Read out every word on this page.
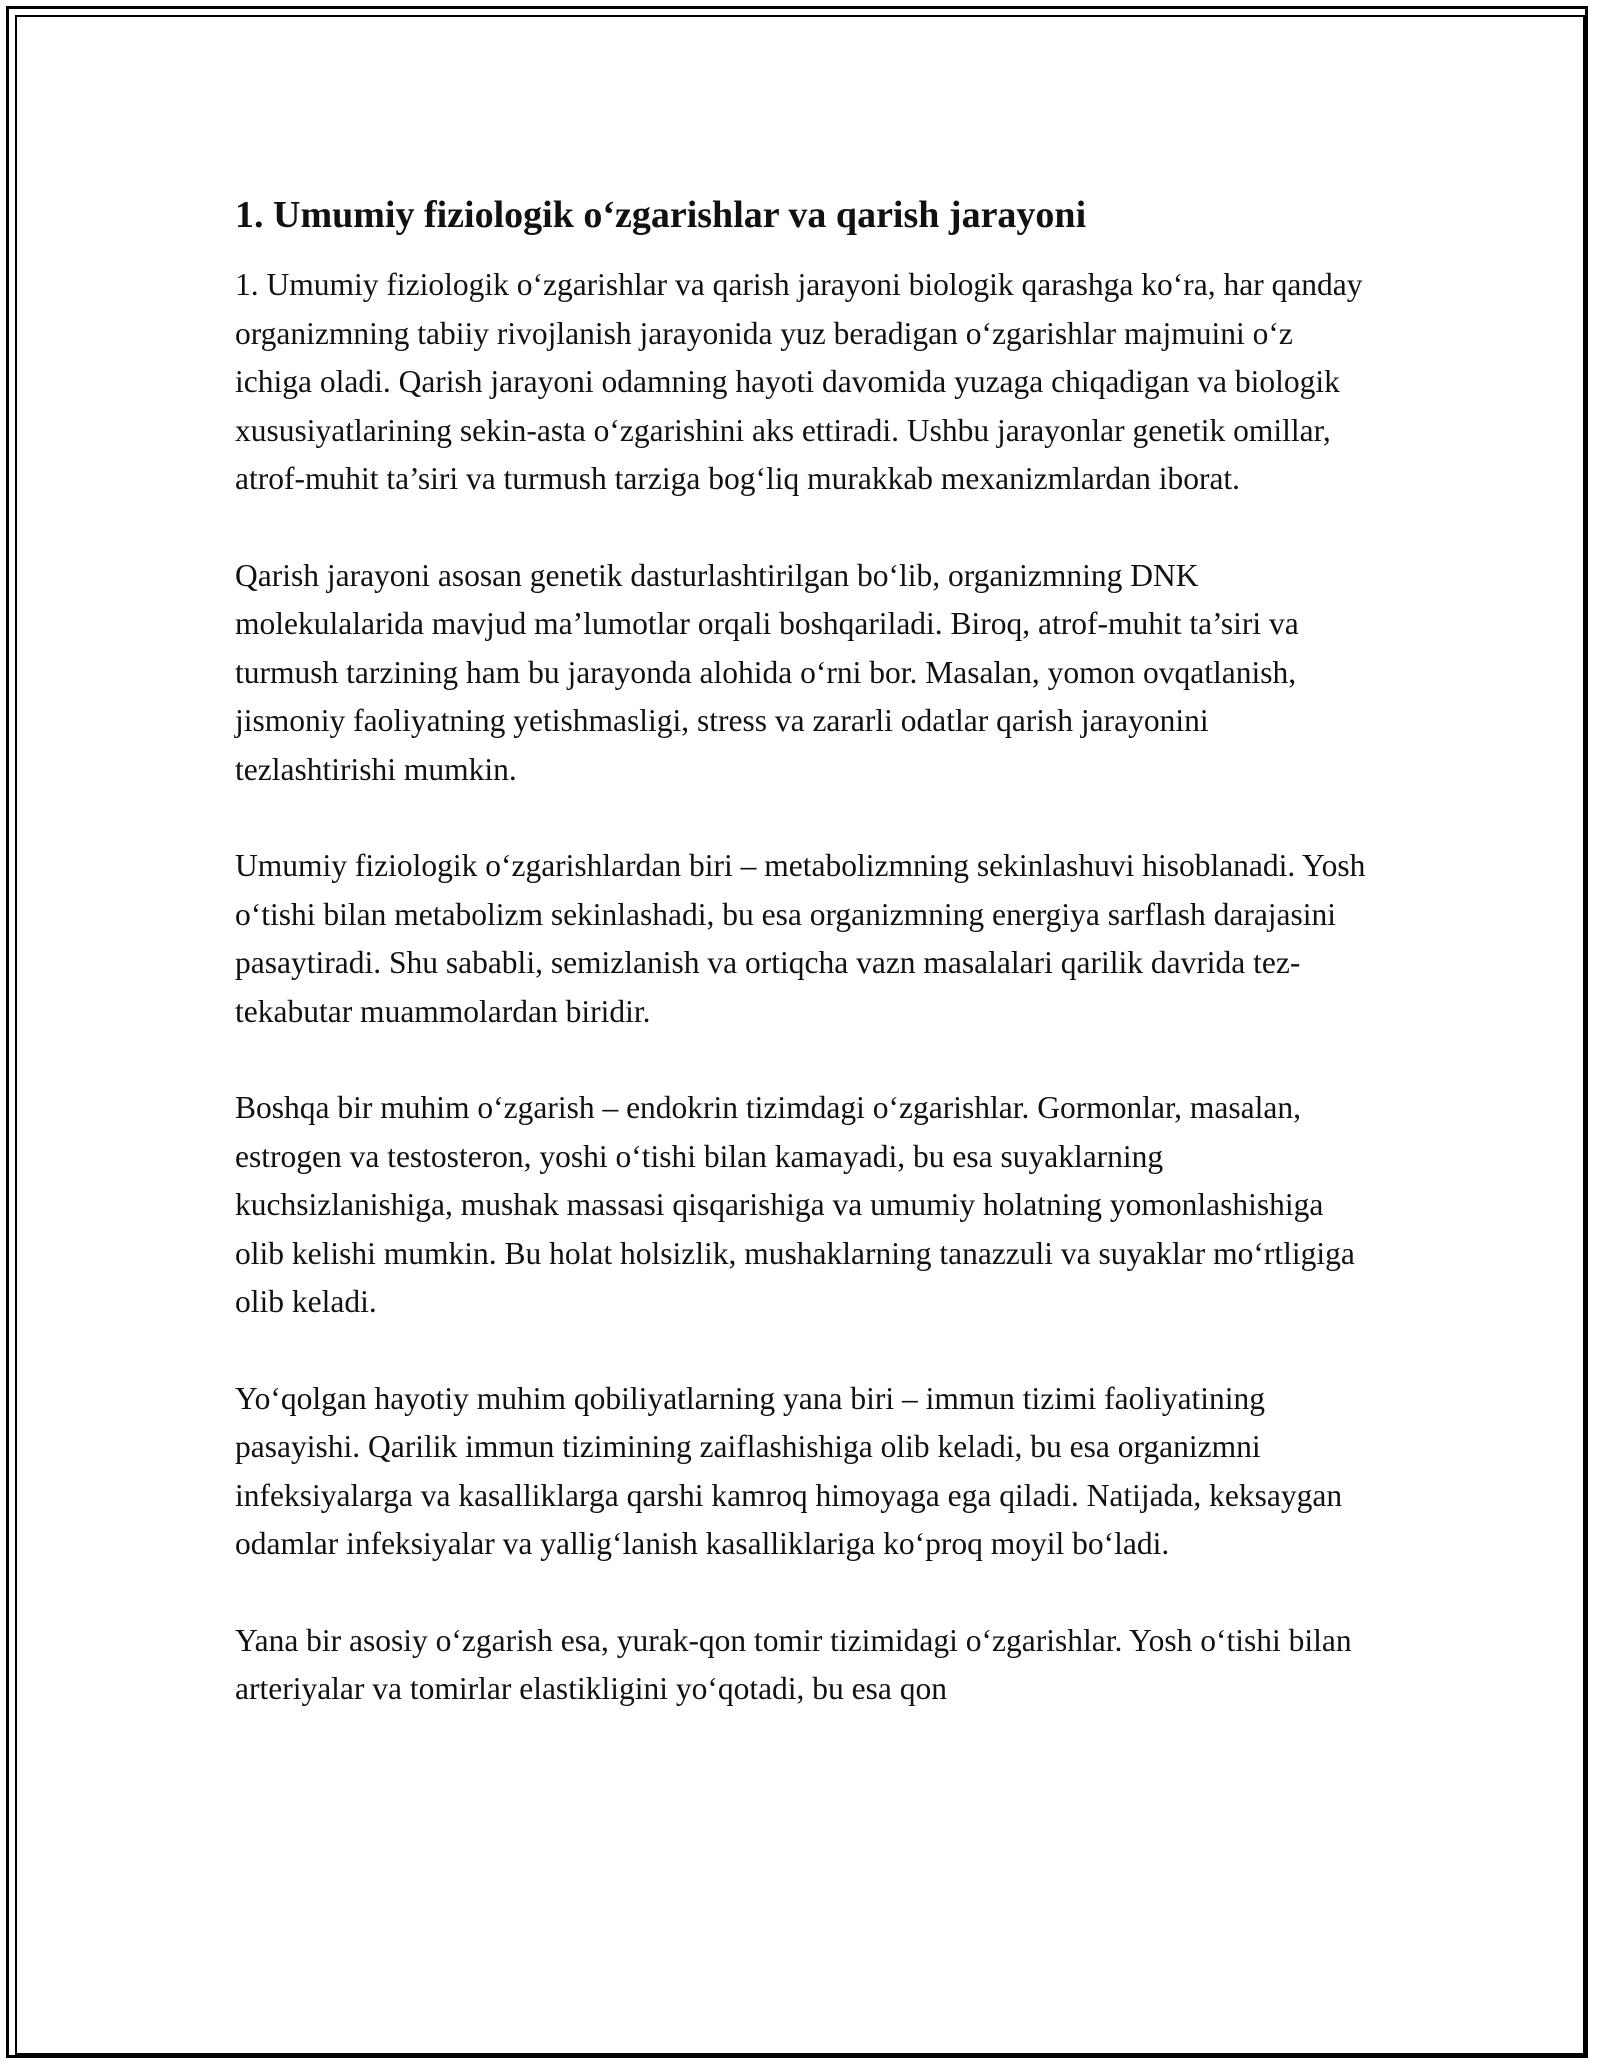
1. Umumiy fiziologik o‘zgarishlar va qarish jarayoni

1. Umumiy fiziologik o‘zgarishlar va qarish jarayoni biologik qarashga ko‘ra, har qanday organizmning tabiiy rivojlanish jarayonida yuz beradigan o‘zgarishlar majmuini o‘z ichiga oladi. Qarish jarayoni odamning hayoti davomida yuzaga chiqadigan va biologik xususiyatlarining sekin-asta o‘zgarishini aks ettiradi. Ushbu jarayonlar genetik omillar, atrof-muhit ta’siri va turmush tarziga bog‘liq murakkab mexanizmlardan iborat.

Qarish jarayoni asosan genetik dasturlashtirilgan bo‘lib, organizmning DNK molekulalarida mavjud ma’lumotlar orqali boshqariladi. Biroq, atrof-muhit ta’siri va turmush tarzining ham bu jarayonda alohida o‘rni bor. Masalan, yomon ovqatlanish, jismoniy faoliyatning yetishmasligi, stress va zararli odatlar qarish jarayonini tezlashtirishi mumkin.

Umumiy fiziologik o‘zgarishlardan biri – metabolizmning sekinlashuvi hisoblanadi. Yosh o‘tishi bilan metabolizm sekinlashadi, bu esa organizmning energiya sarflash darajasini pasaytiradi. Shu sababli, semizlanish va ortiqcha vazn masalalari qarilik davrida tez-tekabutar muammolardan biridir.

Boshqa bir muhim o‘zgarish – endokrin tizimdagi o‘zgarishlar. Gormonlar, masalan, estrogen va testosteron, yoshi o‘tishi bilan kamayadi, bu esa suyaklarning kuchsizlanishiga, mushak massasi qisqarishiga va umumiy holatning yomonlashishiga olib kelishi mumkin. Bu holat holsizlik, mushaklarning tanazzuli va suyaklar mo‘rtligiga olib keladi.

Yo‘qolgan hayotiy muhim qobiliyatlarning yana biri – immun tizimi faoliyatining pasayishi. Qarilik immun tizimining zaiflashishiga olib keladi, bu esa organizmni infeksiyalarga va kasalliklarga qarshi kamroq himoyaga ega qiladi. Natijada, keksaygan odamlar infeksiyalar va yallig‘lanish kasalliklariga ko‘proq moyil bo‘ladi.

Yana bir asosiy o‘zgarish esa, yurak-qon tomir tizimidagi o‘zgarishlar. Yosh o‘tishi bilan arteriyalar va tomirlar elastikligini yo‘qotadi, bu esa qon
